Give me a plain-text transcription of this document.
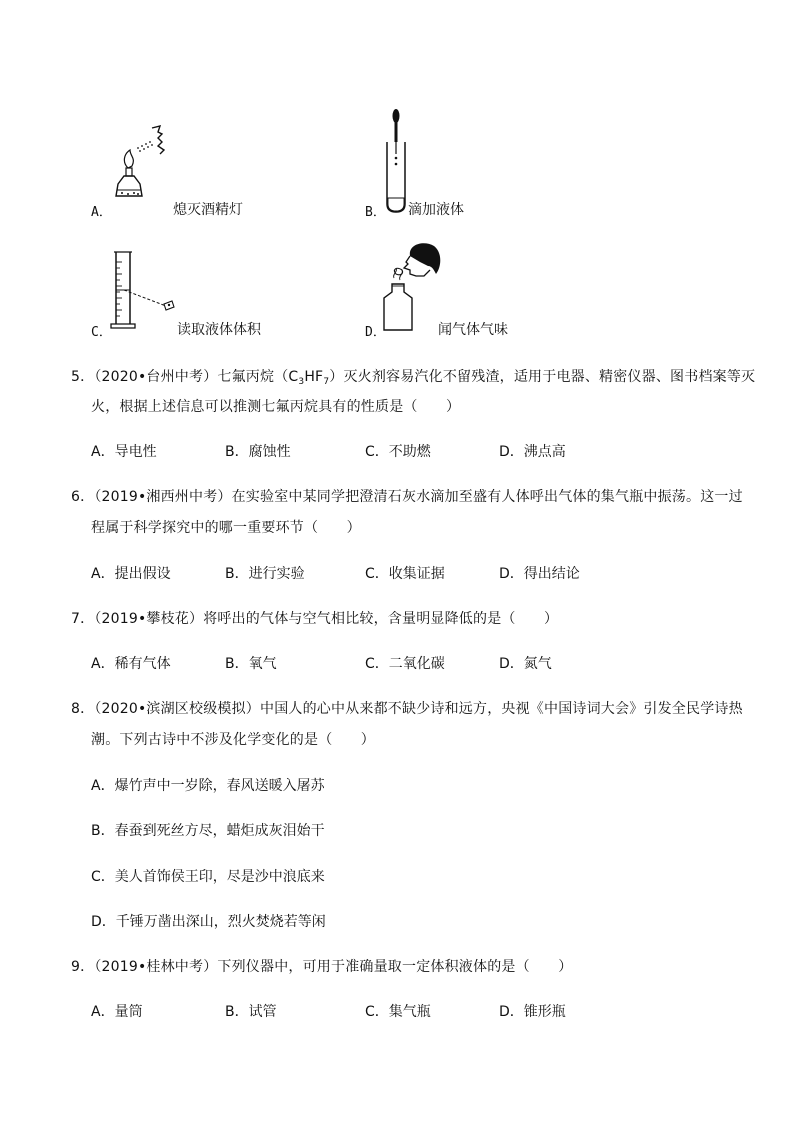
A．	熄灭酒精灯	B． 滴加液体
C．	读取液体体积	D．	闻气体气味
5．（2020•台州中考）七氟丙烷$(C_3HF_7)$灭火剂容易汽化不留残渣，适用于电器、精密仪器、图书档案等灭
火，根据上述信息可以推测七氟丙烷具有的性质是（　　）
A．导电性	B．腐蚀性	C．不助燃	D．沸点高
6．（2019•湘西州中考）在实验室中某同学把澄清石灰水滴加至盛有人体呼出气体的集气瓶中振荡。这一过
程属于科学探究中的哪一重要环节（　　）
A．提出假设	B．进行实验	C．收集证据	D．得出结论
7．（2019•攀枝花）将呼出的气体与空气相比较，含量明显降低的是（　　）
A．稀有气体	B．氧气	C．二氧化碳	D．氮气
8．（2020•滨湖区校级模拟）中国人的心中从来都不缺少诗和远方，央视《中国诗词大会》引发全民学诗热
潮。下列古诗中不涉及化学变化的是（　　）
A．爆竹声中一岁除，春风送暖入屠苏
B．春蚕到死丝方尽，蜡炬成灰泪始干
C．美人首饰侯王印，尽是沙中浪底来
D．千锤万凿出深山，烈火焚烧若等闲
9．（2019•桂林中考）下列仪器中，可用于准确量取一定体积液体的是（　　）
A．量筒	B．试管	C．集气瓶	D．锥形瓶
